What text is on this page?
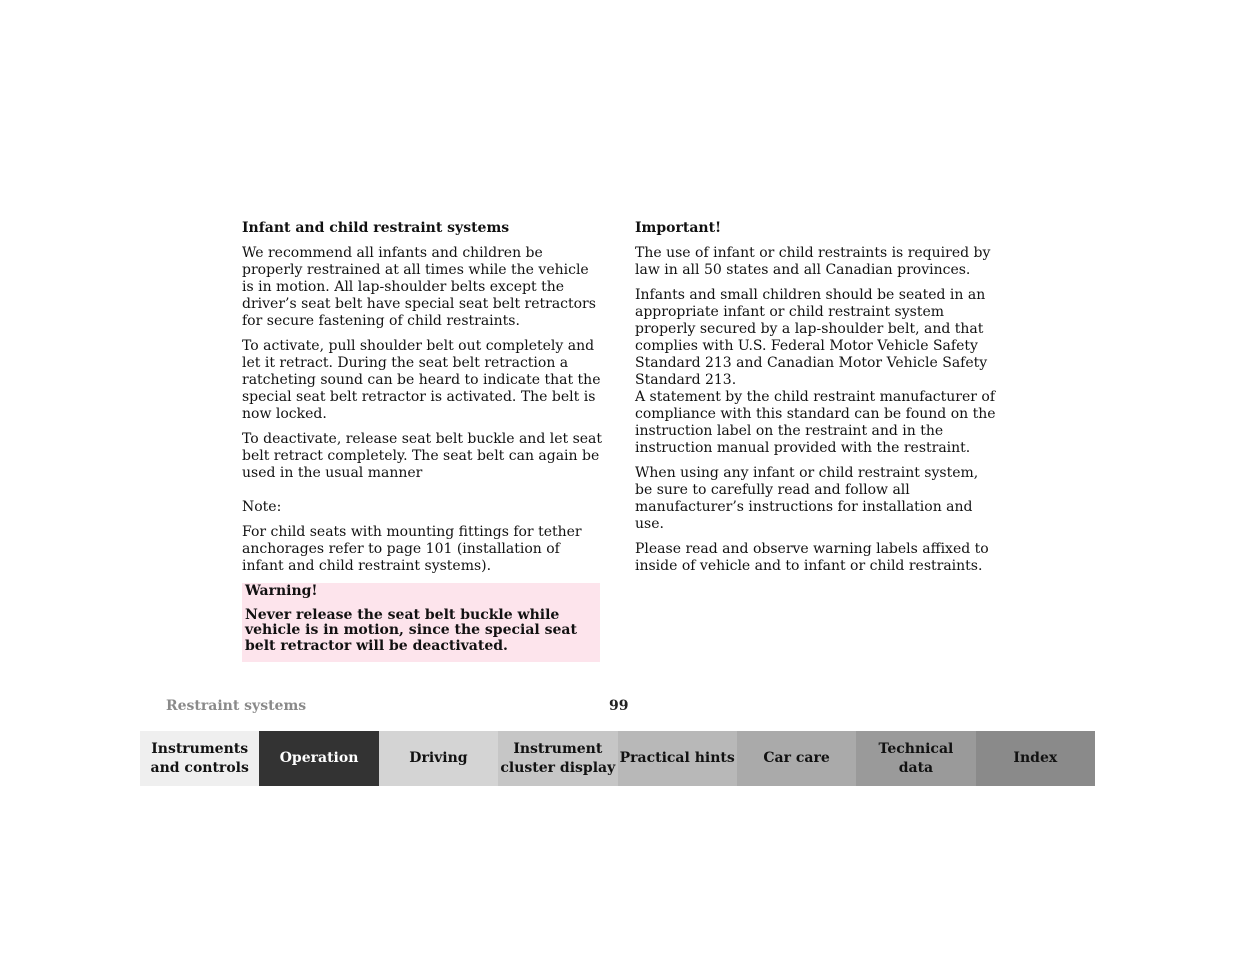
Infant and child restraint systems

We recommend all infants and children be properly restrained at all times while the vehicle is in motion. All lap-shoulder belts except the driver’s seat belt have special seat belt retractors for secure fastening of child restraints.

To activate, pull shoulder belt out completely and let it retract. During the seat belt retraction a ratcheting sound can be heard to indicate that the special seat belt retractor is activated. The belt is now locked.

To deactivate, release seat belt buckle and let seat belt retract completely. The seat belt can again be used in the usual manner

Note:

For child seats with mounting fittings for tether anchorages refer to page 101 (installation of infant and child restraint systems).

Warning!
Never release the seat belt buckle while vehicle is in motion, since the special seat belt retractor will be deactivated.
Important!

The use of infant or child restraints is required by law in all 50 states and all Canadian provinces.

Infants and small children should be seated in an appropriate infant or child restraint system properly secured by a lap-shoulder belt, and that complies with U.S. Federal Motor Vehicle Safety Standard 213 and Canadian Motor Vehicle Safety Standard 213.
A statement by the child restraint manufacturer of compliance with this standard can be found on the instruction label on the restraint and in the instruction manual provided with the restraint.

When using any infant or child restraint system, be sure to carefully read and follow all manufacturer’s instructions for installation and use.

Please read and observe warning labels affixed to inside of vehicle and to infant or child restraints.

Restraint systems	99
Instruments
and controls
Operation	Driving
Instrument
cluster display
Practical hints	Car care
Technical
data
Index
